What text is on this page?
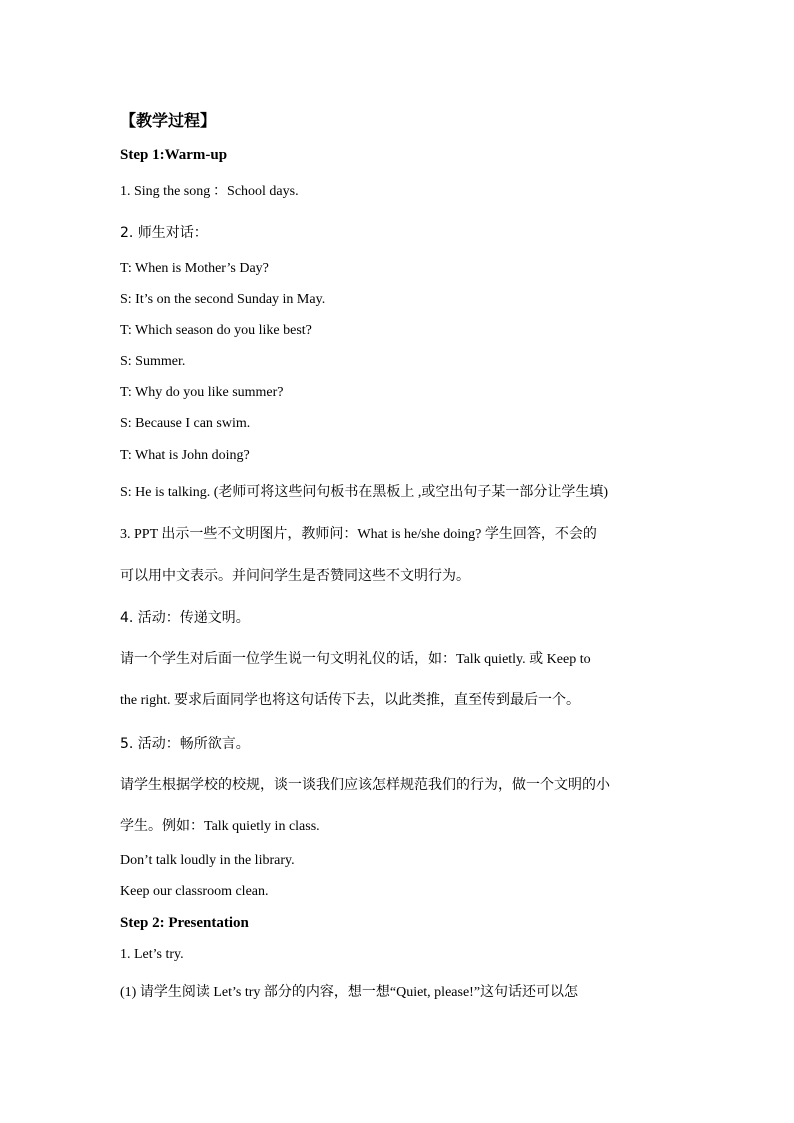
【教学过程】
Step 1:Warm-up
1. Sing the song ：School days.
2. 师生对话：
T: When is Mother’s Day?
S: It’s on the second Sunday in May.
T: Which season do you like best?
S: Summer.
T: Why do you like summer?
S: Because I can swim.
T: What is John doing?
S: He is talking. (老师可将这些问句板书在黑板上 ,或空出句子某一部分让学生填)
3. PPT 出示一些不文明图片，教师问：What is he/she doing? 学生回答，不会的
可以用中文表示。并问问学生是否赞同这些不文明行为。
4. 活动：传递文明。
请一个学生对后面一位学生说一句文明礼仪的话，如：Talk quietly. 或 Keep to
the right. 要求后面同学也将这句话传下去，以此类推，直至传到最后一个。
5. 活动：畅所欲言。
请学生根据学校的校规，谈一谈我们应该怎样规范我们的行为，做一个文明的小
学生。例如：Talk quietly in class.
Don’t talk loudly in the library.
Keep our classroom clean.
Step 2: Presentation
1. Let’s try.
(1) 请学生阅读 Let’s try 部分的内容，想一想“Quiet, please!”这句话还可以怎
